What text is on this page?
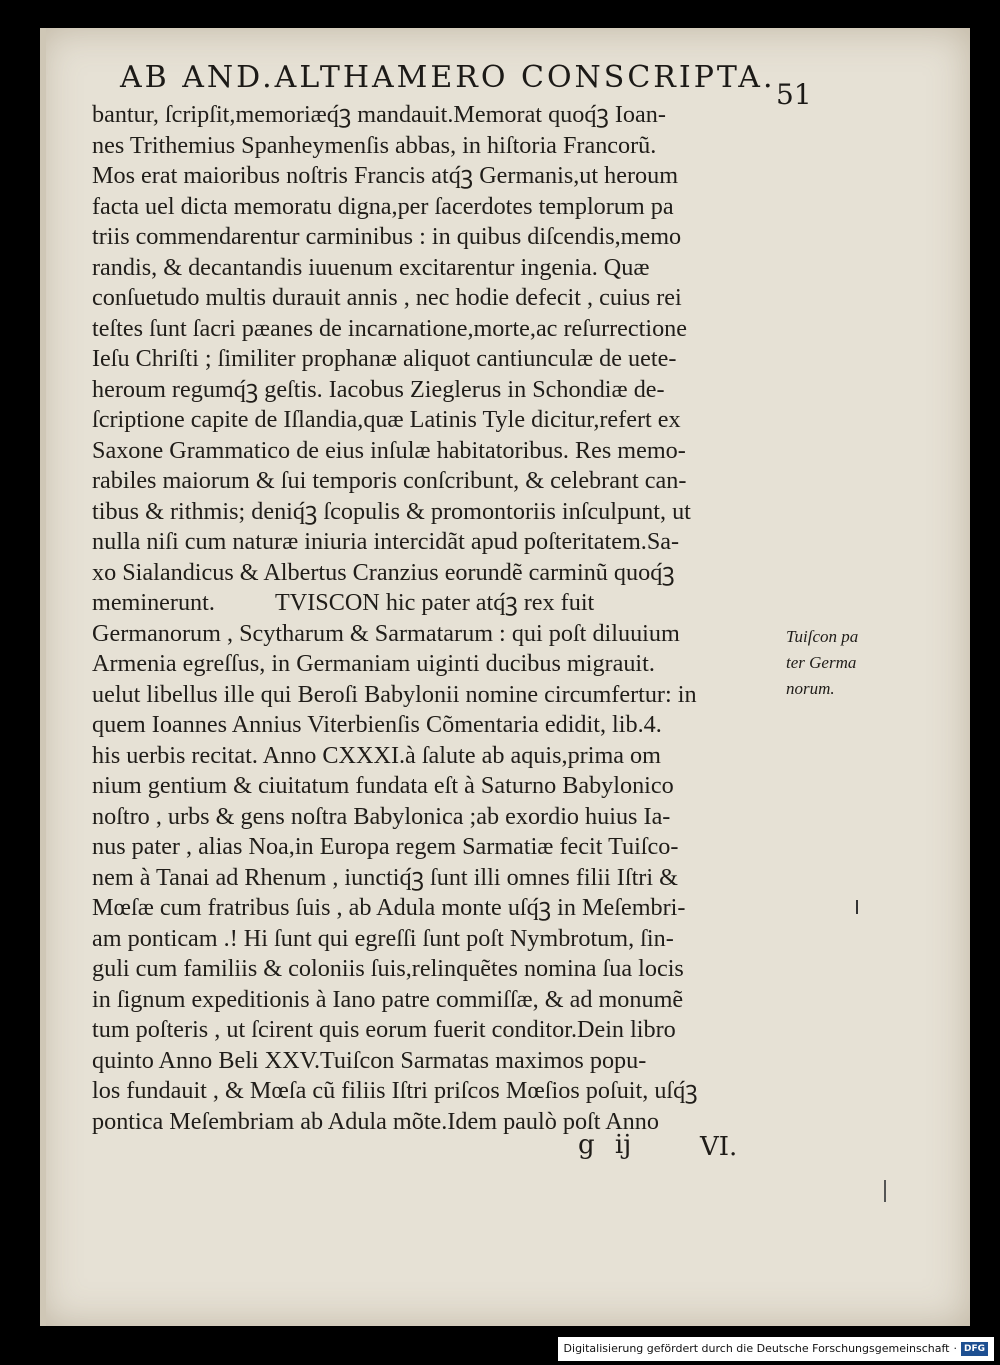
AB AND.ALTHAMERO CONSCRIPTA. 51
bantur, ſcripſit,memoriæq́ꝫ mandauit.Memorat quoq́ꝫ Ioan-
nes Trithemius Spanheymenſis abbas, in hiſtoria Francorũ.
Mos erat maioribus noſtris Francis atq́ꝫ Germanis,ut heroum
facta uel dicta memoratu digna,per ſacerdotes templorum pa
triis commendarentur carminibus : in quibus diſcendis,memo
randis, & decantandis iuuenum excitarentur ingenia. Quæ
conſuetudo multis durauit annis , nec hodie defecit , cuius rei
teſtes ſunt ſacri pæanes de incarnatione,morte,ac reſurrectione
Ieſu Chriſti ; ſimiliter prophanæ aliquot cantiunculæ de uete-
heroum regumq́ꝫ geſtis. Iacobus Zieglerus in Schondiæ de-
ſcriptione capite de Iſlandia,quæ Latinis Tyle dicitur,refert ex
Saxone Grammatico de eius inſulæ habitatoribus. Res memo-
rabiles maiorum & ſui temporis conſcribunt, & celebrant can-
tibus & rithmis; deniq́ꝫ ſcopulis & promontoriis inſculpunt, ut
nulla niſi cum naturæ iniuria intercidãt apud poſteritatem.Sa-
xo Sialandicus & Albertus Cranzius eorundẽ carminũ quoq́ꝫ
meminerunt.          TVISCON hic pater atq́ꝫ rex fuit
Germanorum , Scytharum & Sarmatarum : qui poſt diluuium
Armenia egreſſus, in Germaniam uiginti ducibus migrauit.
uelut libellus ille qui Beroſi Babylonii nomine circumfertur: in
quem Ioannes Annius Viterbienſis Cõmentaria edidit, lib.4.
his uerbis recitat. Anno CXXXI.à ſalute ab aquis,prima om
nium gentium & ciuitatum fundata eſt à Saturno Babylonico
noſtro , urbs & gens noſtra Babylonica ;ab exordio huius Ia-
nus pater , alias Noa,in Europa regem Sarmatiæ fecit Tuiſco-
nem à Tanai ad Rhenum , iunctiq́ꝫ ſunt illi omnes filii Iſtri &
Mœſæ cum fratribus ſuis , ab Adula monte uſq́ꝫ in Meſembri-
am ponticam .! Hi ſunt qui egreſſi ſunt poſt Nymbrotum, ſin-
guli cum familiis & coloniis ſuis,relinquẽtes nomina ſua locis
in ſignum expeditionis à Iano patre commiſſæ, & ad monumẽ
tum poſteris , ut ſcirent quis eorum fuerit conditor.Dein libro
quinto Anno Beli XXV.Tuiſcon Sarmatas maximos popu-
los fundauit , & Mœſa cũ filiis Iſtri priſcos Mœſios poſuit, uſq́ꝫ
pontica Meſembriam ab Adula mõte.Idem paulò poſt Anno
Tuiſcon pa
ter Germa
norum.
g ij	VI.
Digitalisierung gefördert durch die Deutsche Forschungsgemeinschaft · DFG
